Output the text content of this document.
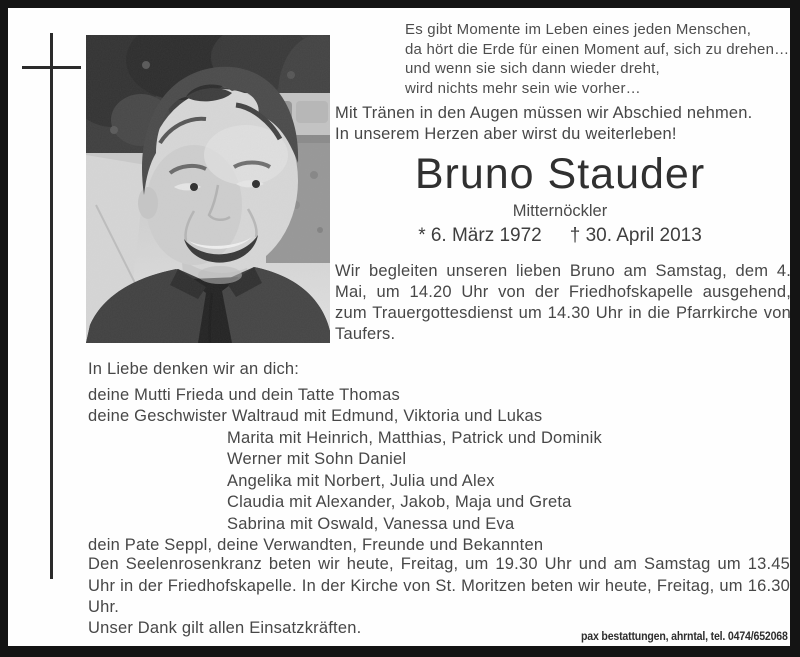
Es gibt Momente im Leben eines jeden Menschen,
da hört die Erde für einen Moment auf, sich zu drehen…
und wenn sie sich dann wieder dreht,
wird nichts mehr sein wie vorher…
Mit Tränen in den Augen müssen wir Abschied nehmen.
In unserem Herzen aber wirst du weiterleben!
Bruno Stauder
Mitternöckler
* 6. März 1972 † 30. April 2013
Wir begleiten unseren lieben Bruno am Samstag, dem 4. Mai, um 14.20 Uhr von der Friedhofskapelle ausgehend, zum Trauergottesdienst um 14.30 Uhr in die Pfarrkirche von Taufers.
In Liebe denken wir an dich:
deine Mutti Frieda und dein Tatte Thomas
deine Geschwister Waltraud mit Edmund, Viktoria und Lukas
Marita mit Heinrich, Matthias, Patrick und Dominik
Werner mit Sohn Daniel
Angelika mit Norbert, Julia und Alex
Claudia mit Alexander, Jakob, Maja und Greta
Sabrina mit Oswald, Vanessa und Eva
dein Pate Seppl, deine Verwandten, Freunde und Bekannten
Den Seelenrosenkranz beten wir heute, Freitag, um 19.30 Uhr und am Samstag um 13.45 Uhr in der Friedhofskapelle. In der Kirche von St. Moritzen beten wir heute, Freitag, um 16.30 Uhr.
Unser Dank gilt allen Einsatzkräften.	pax bestattungen, ahrntal, tel. 0474/652068
